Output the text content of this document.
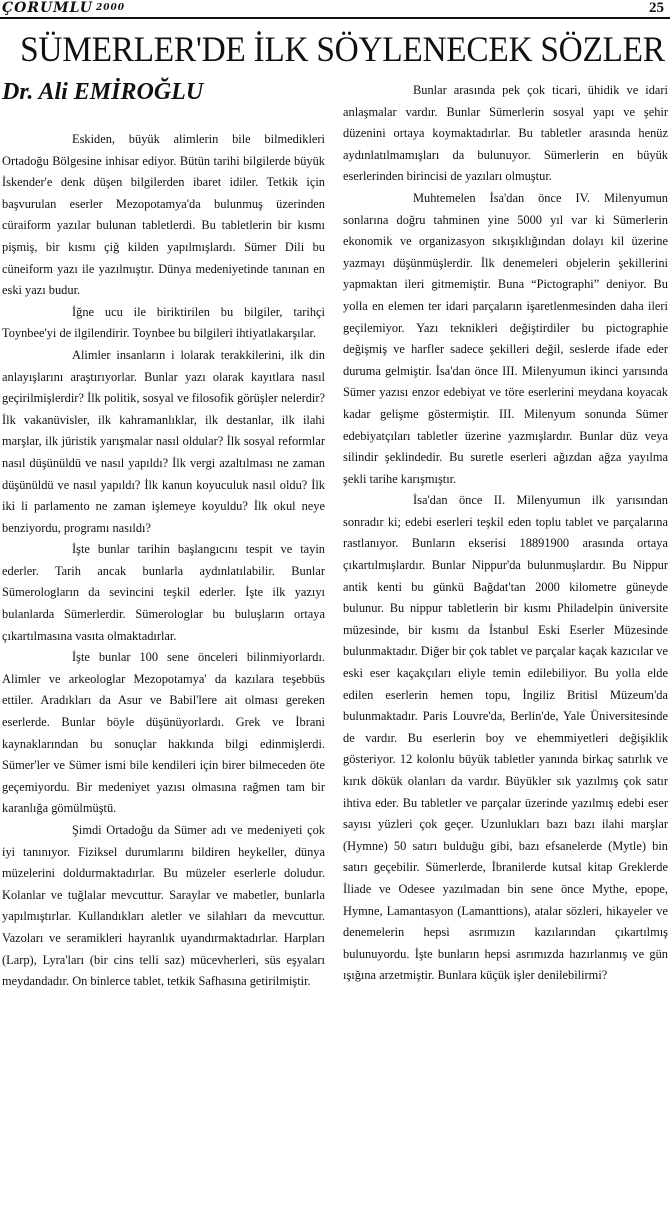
ÇORUMLU 2000	25
SÜMERLER'DE İLK SÖYLENECEK SÖZLER
Dr. Ali EMİROĞLU

Eskiden, büyük alimlerin bile bilmedikleri Ortadoğu Bölgesine inhisar ediyor. Bütün tarihi bilgilerde büyük İskender'e denk düşen bilgilerden ibaret idiler. Tetkik için başvurulan eserler Mezopotamya'da bulunmuş üzerinden cüraiform yazılar bulunan tabletlerdi. Bu tabletlerin bir kısmı pişmiş, bir kısmı çiğ kilden yapılmışlardı. Sümer Dili bu cüneiform yazı ile yazılmıştır. Dünya medeniyetinde tanınan en eski yazı budur.

İğne ucu ile biriktirilen bu bilgiler, tarihçi Toynbee'yi de ilgilendirir. Toynbee bu bilgileri ihtiyatlakarşılar.

Alimler insanların i lolarak terakkilerini, ilk din anlayışlarını araştırıyorlar. Bunlar yazı olarak kayıtlara nasıl geçirilmişlerdir? İlk politik, sosyal ve filosofik görüşler nelerdir? İlk vakanüvisler, ilk kahramanlıklar, ilk destanlar, ilk ilahi marşlar, ilk jüristik yarışmalar nasıl oldular? İlk sosyal reformlar nasıl düşünüldü ve nasıl yapıldı? İlk vergi azaltılması ne zaman düşünüldü ve nasıl yapıldı? İlk kanun koyuculuk nasıl oldu? İlk iki li parlamento ne zaman işlemeye koyuldu? İlk okul neye benziyordu, programı nasıldı?

İşte bunlar tarihin başlangıcını tespit ve tayin ederler. Tarih ancak bunlarla aydınlatılabilir. Bunlar Sümerologların da sevincini teşkil ederler. İşte ilk yazıyı bulanlarda Sümerlerdir. Sümerologlar bu buluşların ortaya çıkartılmasına vasıta olmaktadırlar.

İşte bunlar 100 sene önceleri bilinmiyorlardı. Alimler ve arkeologlar Mezopotamya' da kazılara teşebbüs ettiler. Aradıkları da Asur ve Babil'lere ait olması gereken eserlerde. Bunlar böyle düşünüyorlardı. Grek ve İbrani kaynaklarından bu sonuçlar hakkında bilgi edinmişlerdi. Sümer'ler ve Sümer ismi bile kendileri için birer bilmeceden öte geçemiyordu. Bir medeniyet yazısı olmasına rağmen tam bir karanlığa gömülmüştü.

Şimdi Ortadoğu da Sümer adı ve medeniyeti çok iyi tanınıyor. Fiziksel durumlarını bildiren heykeller, dünya müzelerini doldurmaktadırlar. Bu müzeler eserlerle doludur. Kolanlar ve tuğlalar mevcuttur. Saraylar ve mabetler, bunlarla yapılmıştırlar. Kullandıkları aletler ve silahları da mevcuttur. Vazoları ve seramikleri hayranlık uyandırmaktadırlar. Harpları (Larp), Lyra'ları (bir cins telli saz) mücevherleri, süs eşyaları meydandadır. On binlerce tablet, tetkik Safhasına getirilmiştir.

Bunlar arasında pek çok ticari, ühidik ve idari anlaşmalar vardır. Bunlar Sümerlerin sosyal yapı ve şehir düzenini ortaya koymaktadırlar. Bu tabletler arasında henüz aydınlatılmamışları da bulunuyor. Sümerlerin en büyük eserlerinden birincisi de yazıları olmuştur.

Muhtemelen İsa'dan önce IV. Milenyumun sonlarına doğru tahminen yine 5000 yıl var ki Sümerlerin ekonomik ve organizasyon sıkışıklığından dolayı kil üzerine yazmayı düşünmüşlerdir. İlk denemeleri objelerin şekillerini yapmaktan ileri gitmemiştir. Buna “Pictographi” deniyor. Bu yolla en elemen ter idari parçaların işaretlenmesinden daha ileri geçilemiyor. Yazı teknikleri değiştirdiler bu pictographie değişmiş ve harfler sadece şekilleri değil, seslerde ifade eder duruma gelmiştir. İsa'dan önce III. Milenyumun ikinci yarısında Sümer yazısı enzor edebiyat ve töre eserlerini meydana koyacak kadar gelişme göstermiştir. III. Milenyum sonunda Sümer edebiyatçıları tabletler üzerine yazmışlardır. Bunlar düz veya silindir şeklindedir. Bu suretle eserleri ağızdan ağza yayılma şekli tarihe karışmıştır.

İsa'dan önce II. Milenyumun ilk yarısından sonradır ki; edebi eserleri teşkil eden toplu tablet ve parçalarına rastlanıyor. Bunların ekserisi 18891900 arasında ortaya çıkartılmışlardır. Bunlar Nippur'da bulunmuşlardır. Bu Nippur antik kenti bu günkü Bağdat'tan 2000 kilometre güneyde bulunur. Bu nippur tabletlerin bir kısmı Philadelpin üniversite müzesinde, bir kısmı da İstanbul Eski Eserler Müzesinde bulunmaktadır. Diğer bir çok tablet ve parçalar kaçak kazıcılar ve eski eser kaçakçıları eliyle temin edilebiliyor. Bu yolla elde edilen eserlerin hemen topu, İngiliz Britisl Müzeum'da bulunmaktadır. Paris Louvre'da, Berlin'de, Yale Üniversitesinde de vardır. Bu eserlerin boy ve ehemmiyetleri değişiklik gösteriyor. 12 kolonlu büyük tabletler yanında birkaç satırlık ve kırık dökük olanları da vardır. Büyükler sık yazılmış çok satır ihtiva eder. Bu tabletler ve parçalar üzerinde yazılmış edebi eser sayısı yüzleri çok geçer. Uzunlukları bazı bazı ilahi marşlar (Hymne) 50 satırı bulduğu gibi, bazı efsanelerde (Mytle) bin satırı geçebilir. Sümerlerde, İbranilerde kutsal kitap Greklerde İliade ve Odesee yazılmadan bin sene önce Mythe, epope, Hymne, Lamantasyon (Lamanttions), atalar sözleri, hikayeler ve denemelerin hepsi asrımızın kazılarından çıkartılmış bulunuyordu. İşte bunların hepsi asrımızda hazırlanmış ve gün ışığına arzetmiştir. Bunlara küçük işler denilebilirmi?
